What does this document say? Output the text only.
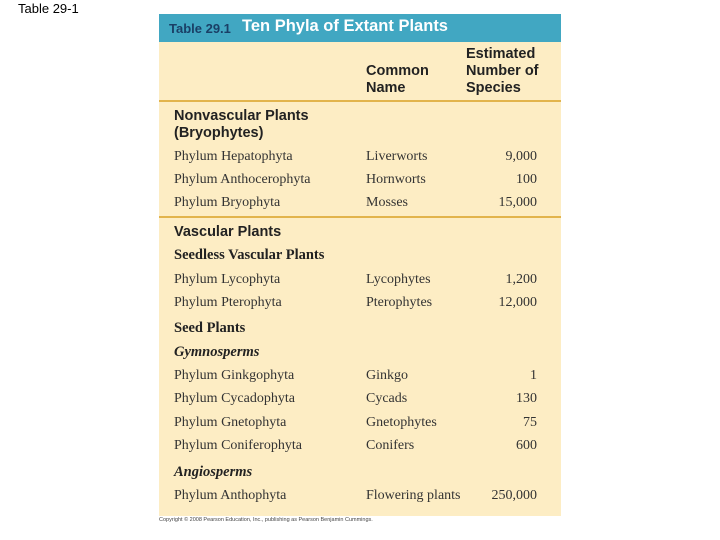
Table 29-1
Table 29.1 Ten Phyla of Extant Plants
Common Name
Estimated Number of Species
Nonvascular Plants (Bryophytes)
Phylum Hepatophyta	Liverworts	9,000
Phylum Anthocerophyta	Hornworts	100
Phylum Bryophyta	Mosses	15,000
Vascular Plants
Seedless Vascular Plants
Phylum Lycophyta	Lycophytes	1,200
Phylum Pterophyta	Pterophytes	12,000
Seed Plants
Gymnosperms
Phylum Ginkgophyta	Ginkgo	1
Phylum Cycadophyta	Cycads	130
Phylum Gnetophyta	Gnetophytes	75
Phylum Coniferophyta	Conifers	600
Angiosperms
Phylum Anthophyta	Flowering plants 250,000
Copyright © 2008 Pearson Education, Inc., publishing as Pearson Benjamin Cummings.
